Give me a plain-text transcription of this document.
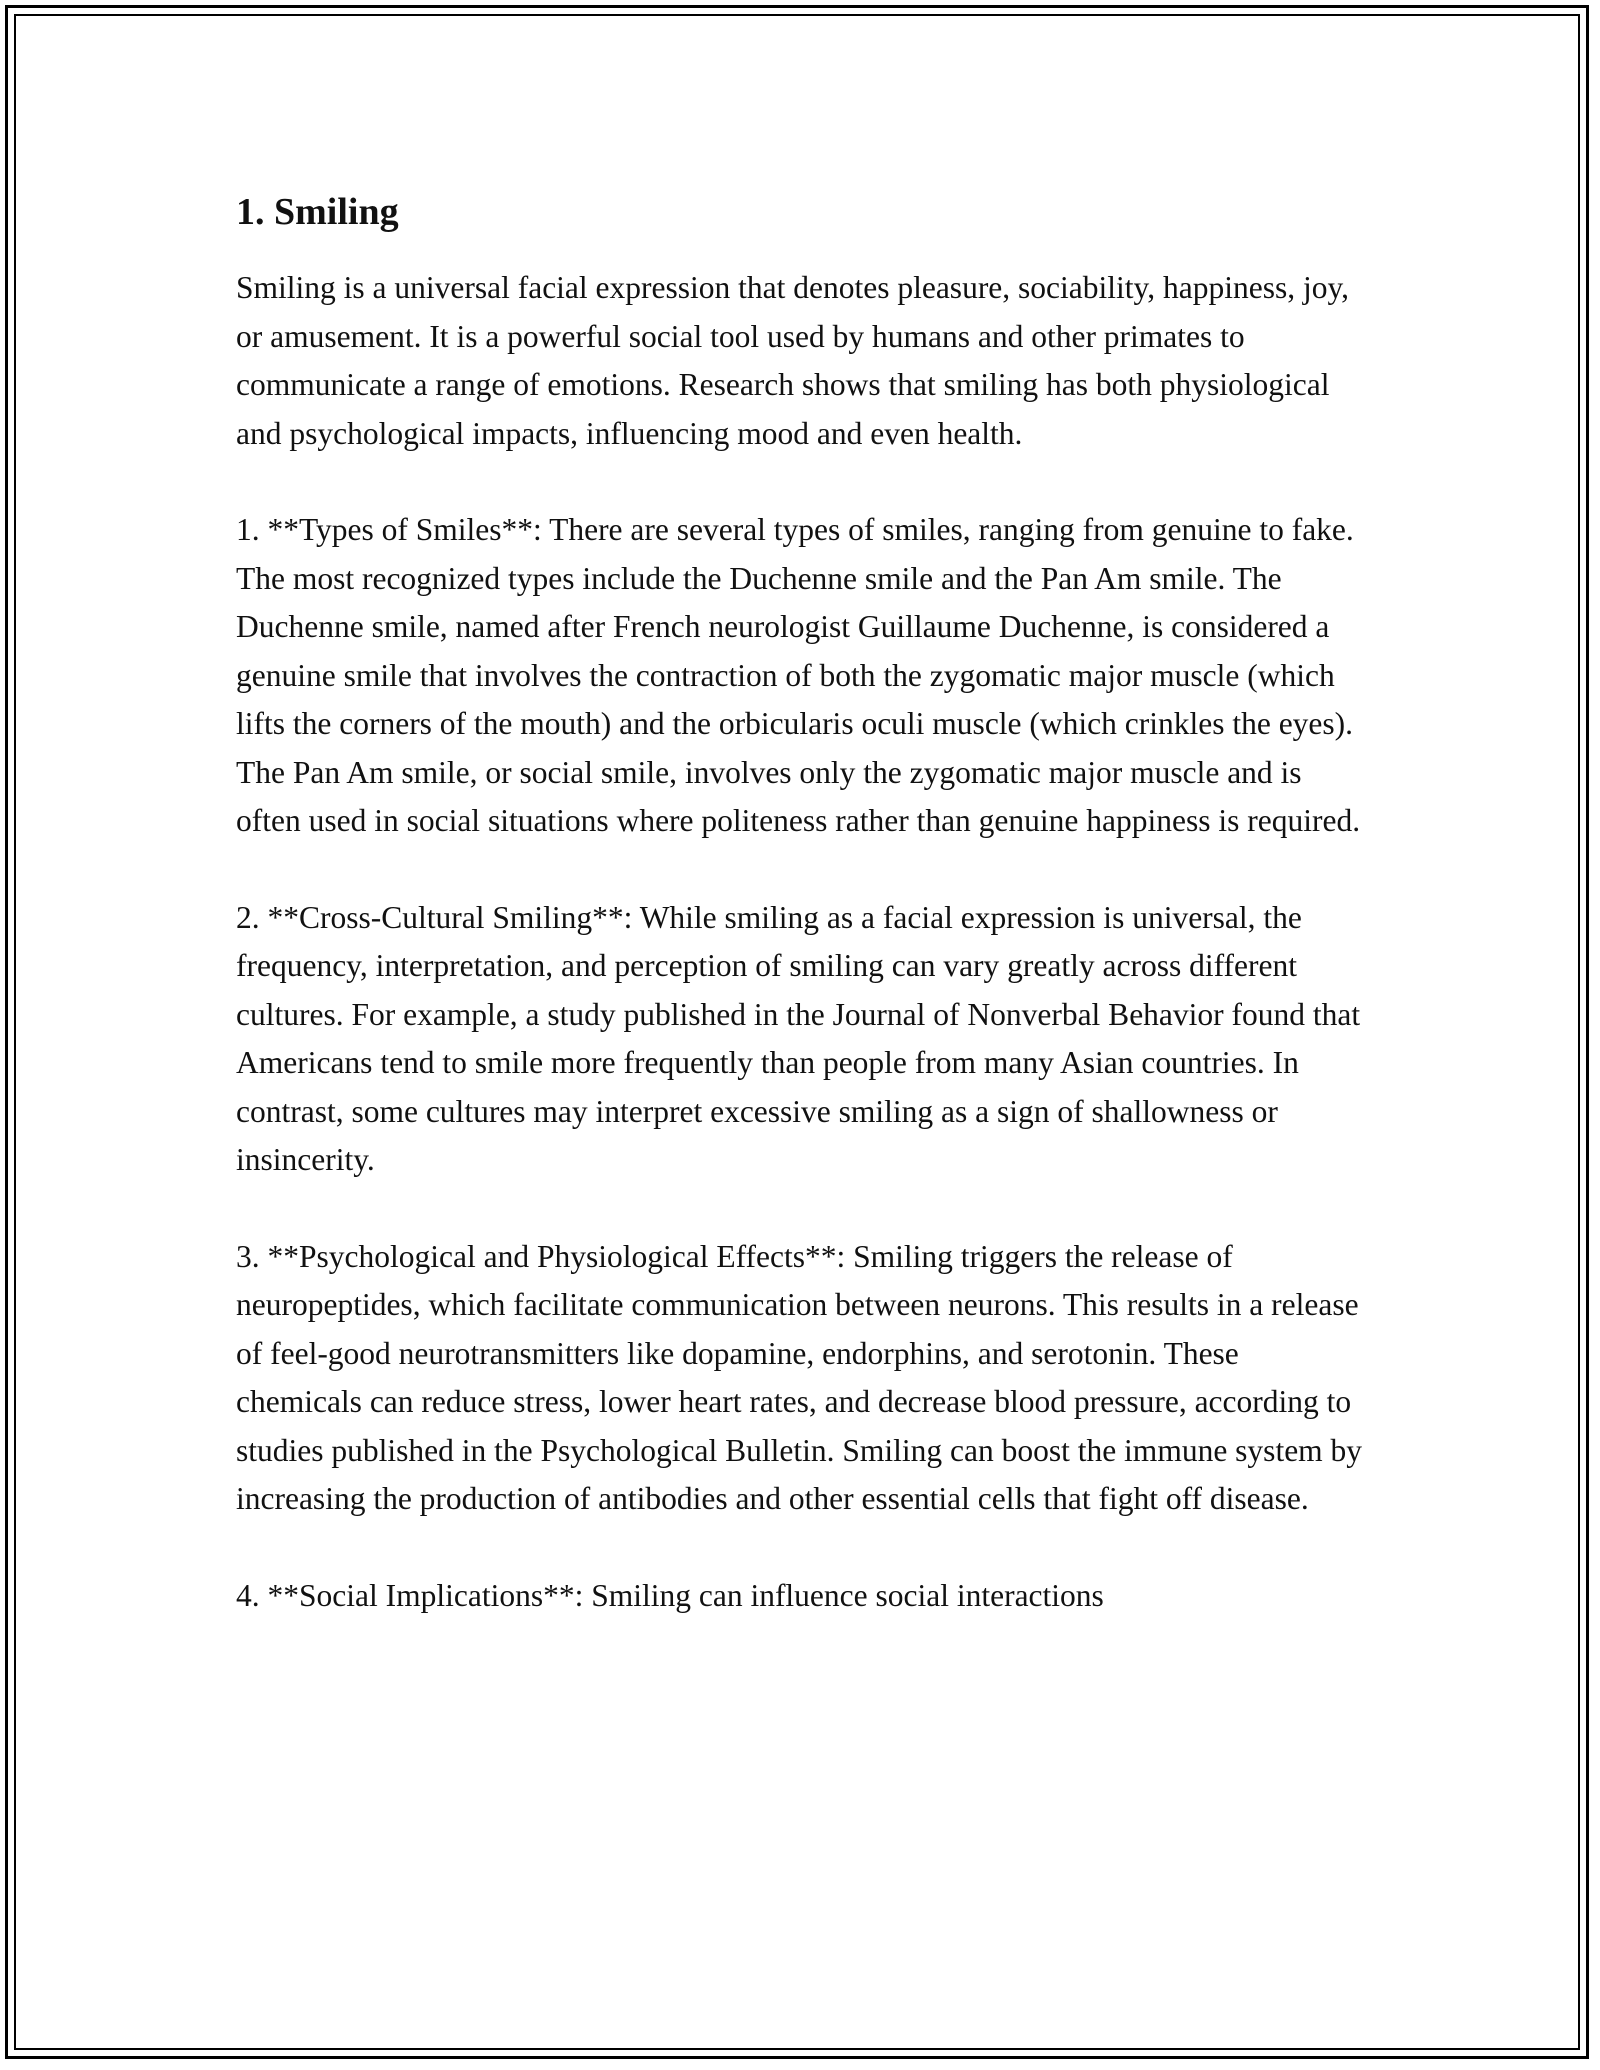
1. Smiling

Smiling is a universal facial expression that denotes pleasure, sociability, happiness, joy, or amusement. It is a powerful social tool used by humans and other primates to communicate a range of emotions. Research shows that smiling has both physiological and psychological impacts, influencing mood and even health.

1. **Types of Smiles**: There are several types of smiles, ranging from genuine to fake. The most recognized types include the Duchenne smile and the Pan Am smile. The Duchenne smile, named after French neurologist Guillaume Duchenne, is considered a genuine smile that involves the contraction of both the zygomatic major muscle (which lifts the corners of the mouth) and the orbicularis oculi muscle (which crinkles the eyes). The Pan Am smile, or social smile, involves only the zygomatic major muscle and is often used in social situations where politeness rather than genuine happiness is required.

2. **Cross-Cultural Smiling**: While smiling as a facial expression is universal, the frequency, interpretation, and perception of smiling can vary greatly across different cultures. For example, a study published in the Journal of Nonverbal Behavior found that Americans tend to smile more frequently than people from many Asian countries. In contrast, some cultures may interpret excessive smiling as a sign of shallowness or insincerity.

3. **Psychological and Physiological Effects**: Smiling triggers the release of neuropeptides, which facilitate communication between neurons. This results in a release of feel-good neurotransmitters like dopamine, endorphins, and serotonin. These chemicals can reduce stress, lower heart rates, and decrease blood pressure, according to studies published in the Psychological Bulletin. Smiling can boost the immune system by increasing the production of antibodies and other essential cells that fight off disease.

4. **Social Implications**: Smiling can influence social interactions
